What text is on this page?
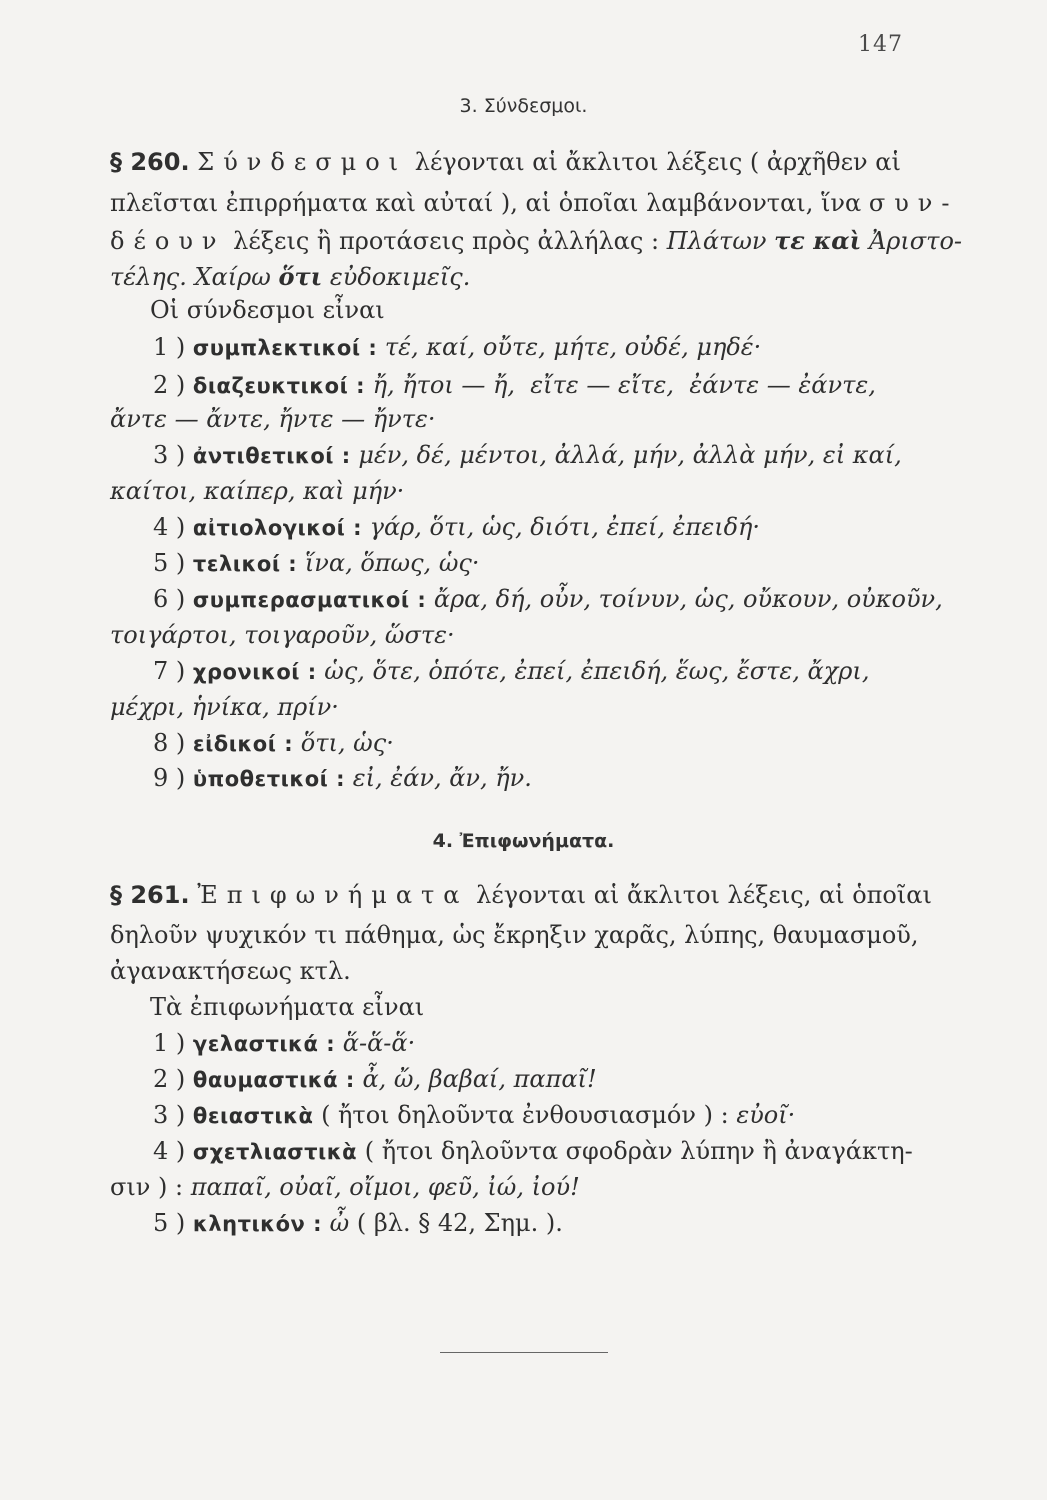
147
3. Σύνδεσμοι.
§ 260. Σύνδεσμοι λέγονται αἱ ἄκλιτοι λέξεις ( ἀρχῆθεν αἱ
πλεῖσται ἐπιρρήματα καὶ αὐταί ), αἱ ὁποῖαι λαμβάνονται, ἵνα συν-
δέουν λέξεις ἢ προτάσεις πρὸς ἀλλήλας : Πλάτων τε καὶ Ἀριστο-
τέλης. Χαίρω ὅτι εὐδοκιμεῖς.
Οἱ σύνδεσμοι εἶναι
1 ) συμπλεκτικοί : τέ, καί, οὔτε, μήτε, οὐδέ, μηδέ·
2 ) διαζευκτικοί : ἤ, ἤτοι — ἤ,  εἴτε — εἴτε,  ἐάντε — ἐάντε,
ἄντε — ἄντε, ἤντε — ἤντε·
3 ) ἀντιθετικοί : μέν, δέ, μέντοι, ἀλλά, μήν, ἀλλὰ μήν, εἰ καί,
καίτοι, καίπερ, καὶ μήν·
4 ) αἰτιολογικοί : γάρ, ὅτι, ὡς, διότι, ἐπεί, ἐπειδή·
5 ) τελικοί : ἵνα, ὅπως, ὡς·
6 ) συμπερασματικοί : ἄρα, δή, οὖν, τοίνυν, ὡς, οὔκουν, οὐκοῦν,
τοιγάρτοι, τοιγαροῦν, ὥστε·
7 ) χρονικοί : ὡς, ὅτε, ὁπότε, ἐπεί, ἐπειδή, ἕως, ἔστε, ἄχρι,
μέχρι, ἡνίκα, πρίν·
8 ) εἰδικοί : ὅτι, ὡς·
9 ) ὑποθετικοί : εἰ, ἐάν, ἄν, ἤν.
4. Ἐπιφωνήματα.
§ 261. Ἐπιφωνήματα λέγονται αἱ ἄκλιτοι λέξεις, αἱ ὁποῖαι
δηλοῦν ψυχικόν τι πάθημα, ὡς ἔκρηξιν χαρᾶς, λύπης, θαυμασμοῦ,
ἀγανακτήσεως κτλ.
Τὰ ἐπιφωνήματα εἶναι
1 ) γελαστικά : ἅ-ἅ-ἅ·
2 ) θαυμαστικά : ἆ, ὤ, βαβαί, παπαῖ!
3 ) θειαστικὰ ( ἤτοι δηλοῦντα ἐνθουσιασμόν ) : εὐοῖ·
4 ) σχετλιαστικὰ ( ἤτοι δηλοῦντα σφοδρὰν λύπην ἢ ἀναγάκτη-
σιν ) : παπαῖ, οὐαῖ, οἴμοι, φεῦ, ἰώ, ἰού!
5 ) κλητικόν : ὦ ( βλ. § 42, Σημ. ).
